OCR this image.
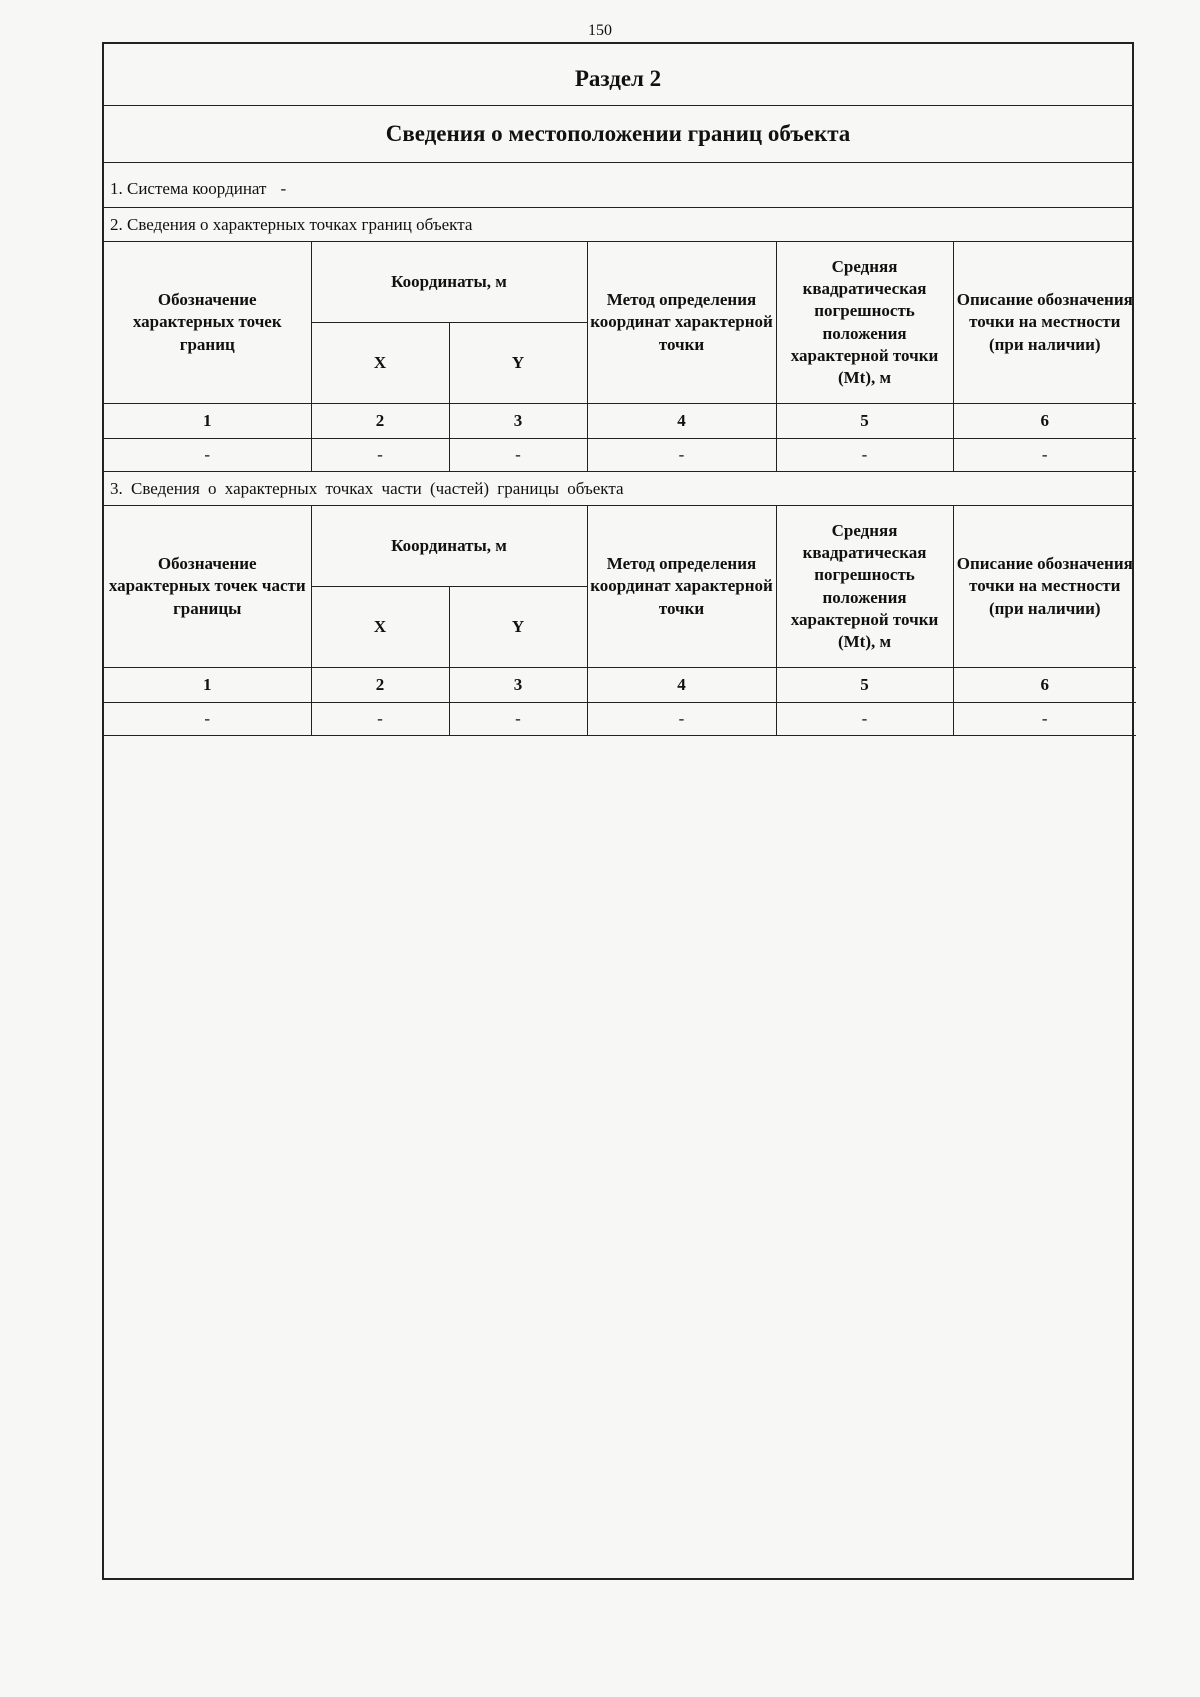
150
Раздел 2
Сведения о местоположении границ объекта
1. Система координат -
2. Сведения о характерных точках границ объекта
Обозначение характерных точек границ	Координаты, м		Метод определения координат характерной точки	Средняя квадратическая погрешность положения характерной точки (Mt), м	Описание обозначения точки на местности (при наличии)
	X	Y			
1	2	3	4	5	6
-	-	-	-	-	-
3. Сведения о характерных точках части (частей) границы объекта
Обозначение характерных точек части границы	Координаты, м		Метод определения координат характерной точки	Средняя квадратическая погрешность положения характерной точки (Mt), м	Описание обозначения точки на местности (при наличии)
	X	Y			
1	2	3	4	5	6
-	-	-	-	-	-
